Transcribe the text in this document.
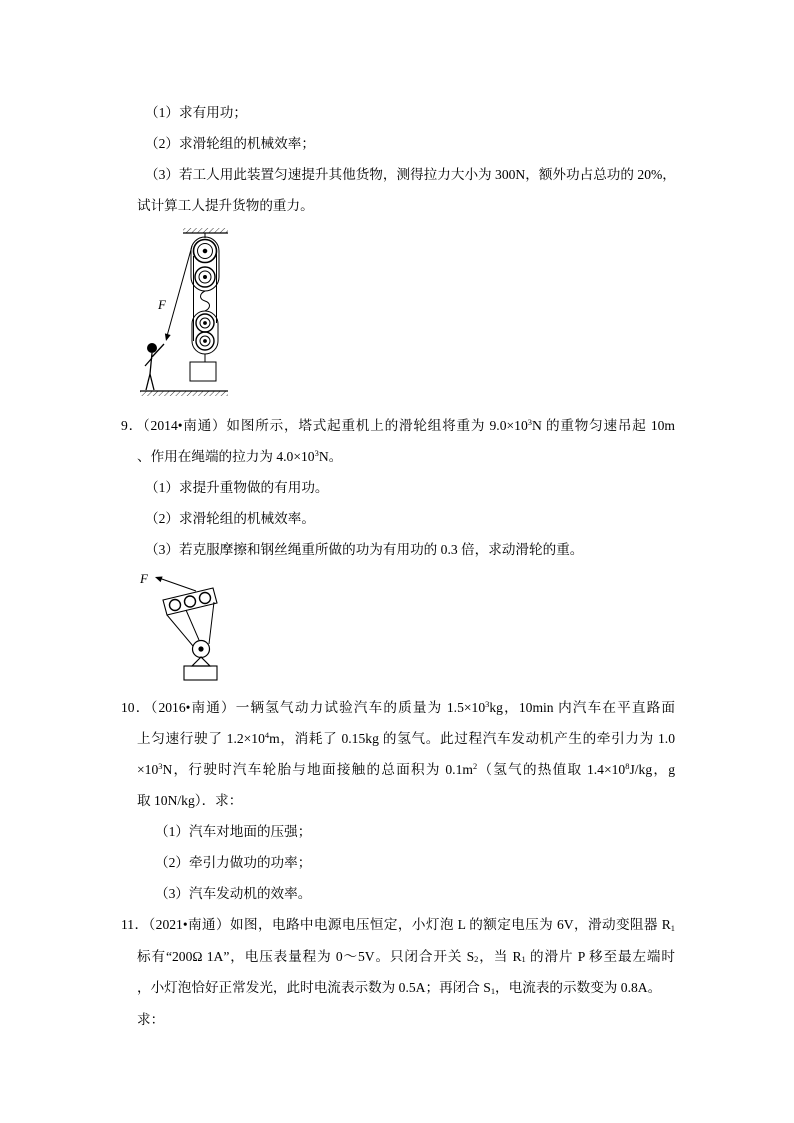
（1）求有用功；
（2）求滑轮组的机械效率；
（3）若工人用此装置匀速提升其他货物，测得拉力大小为 300N，额外功占总功的 20%，
试计算工人提升货物的重力。
F
9．（2014•南通）如图所示，塔式起重机上的滑轮组将重为 $9.0\times 10^3N$ 的重物匀速吊起 10m
、作用在绳端的拉力为 $4.0\times 10^3N$。
（1）求提升重物做的有用功。
（2）求滑轮组的机械效率。
（3）若克服摩擦和钢丝绳重所做的功为有用功的 0.3 倍，求动滑轮的重。
F
10．（2016•南通）一辆氢气动力试验汽车的质量为 $1.5\times 10^3kg$，10min 内汽车在平直路面
上匀速行驶了 $1.2\times 10^4m$，消耗了 0.15kg 的氢气。此过程汽车发动机产生的牵引力为 1.0
$\times 10^3N$，行驶时汽车轮胎与地面接触的总面积为 $0.1m^2$（氢气的热值取 $1.4\times 10^8J/kg$，g
取 10N/kg）．求：
（1）汽车对地面的压强；
（2）牵引力做功的功率；
（3）汽车发动机的效率。
11．（2021•南通）如图，电路中电源电压恒定，小灯泡 L 的额定电压为 6V，滑动变阻器 $R_1$
标有“200Ω 1A”，电压表量程为 0～5V。只闭合开关 $S_2$，当 $R_1$ 的滑片 P 移至最左端时
，小灯泡恰好正常发光，此时电流表示数为 0.5A；再闭合 $S_1$，电流表的示数变为 0.8A。
求：
